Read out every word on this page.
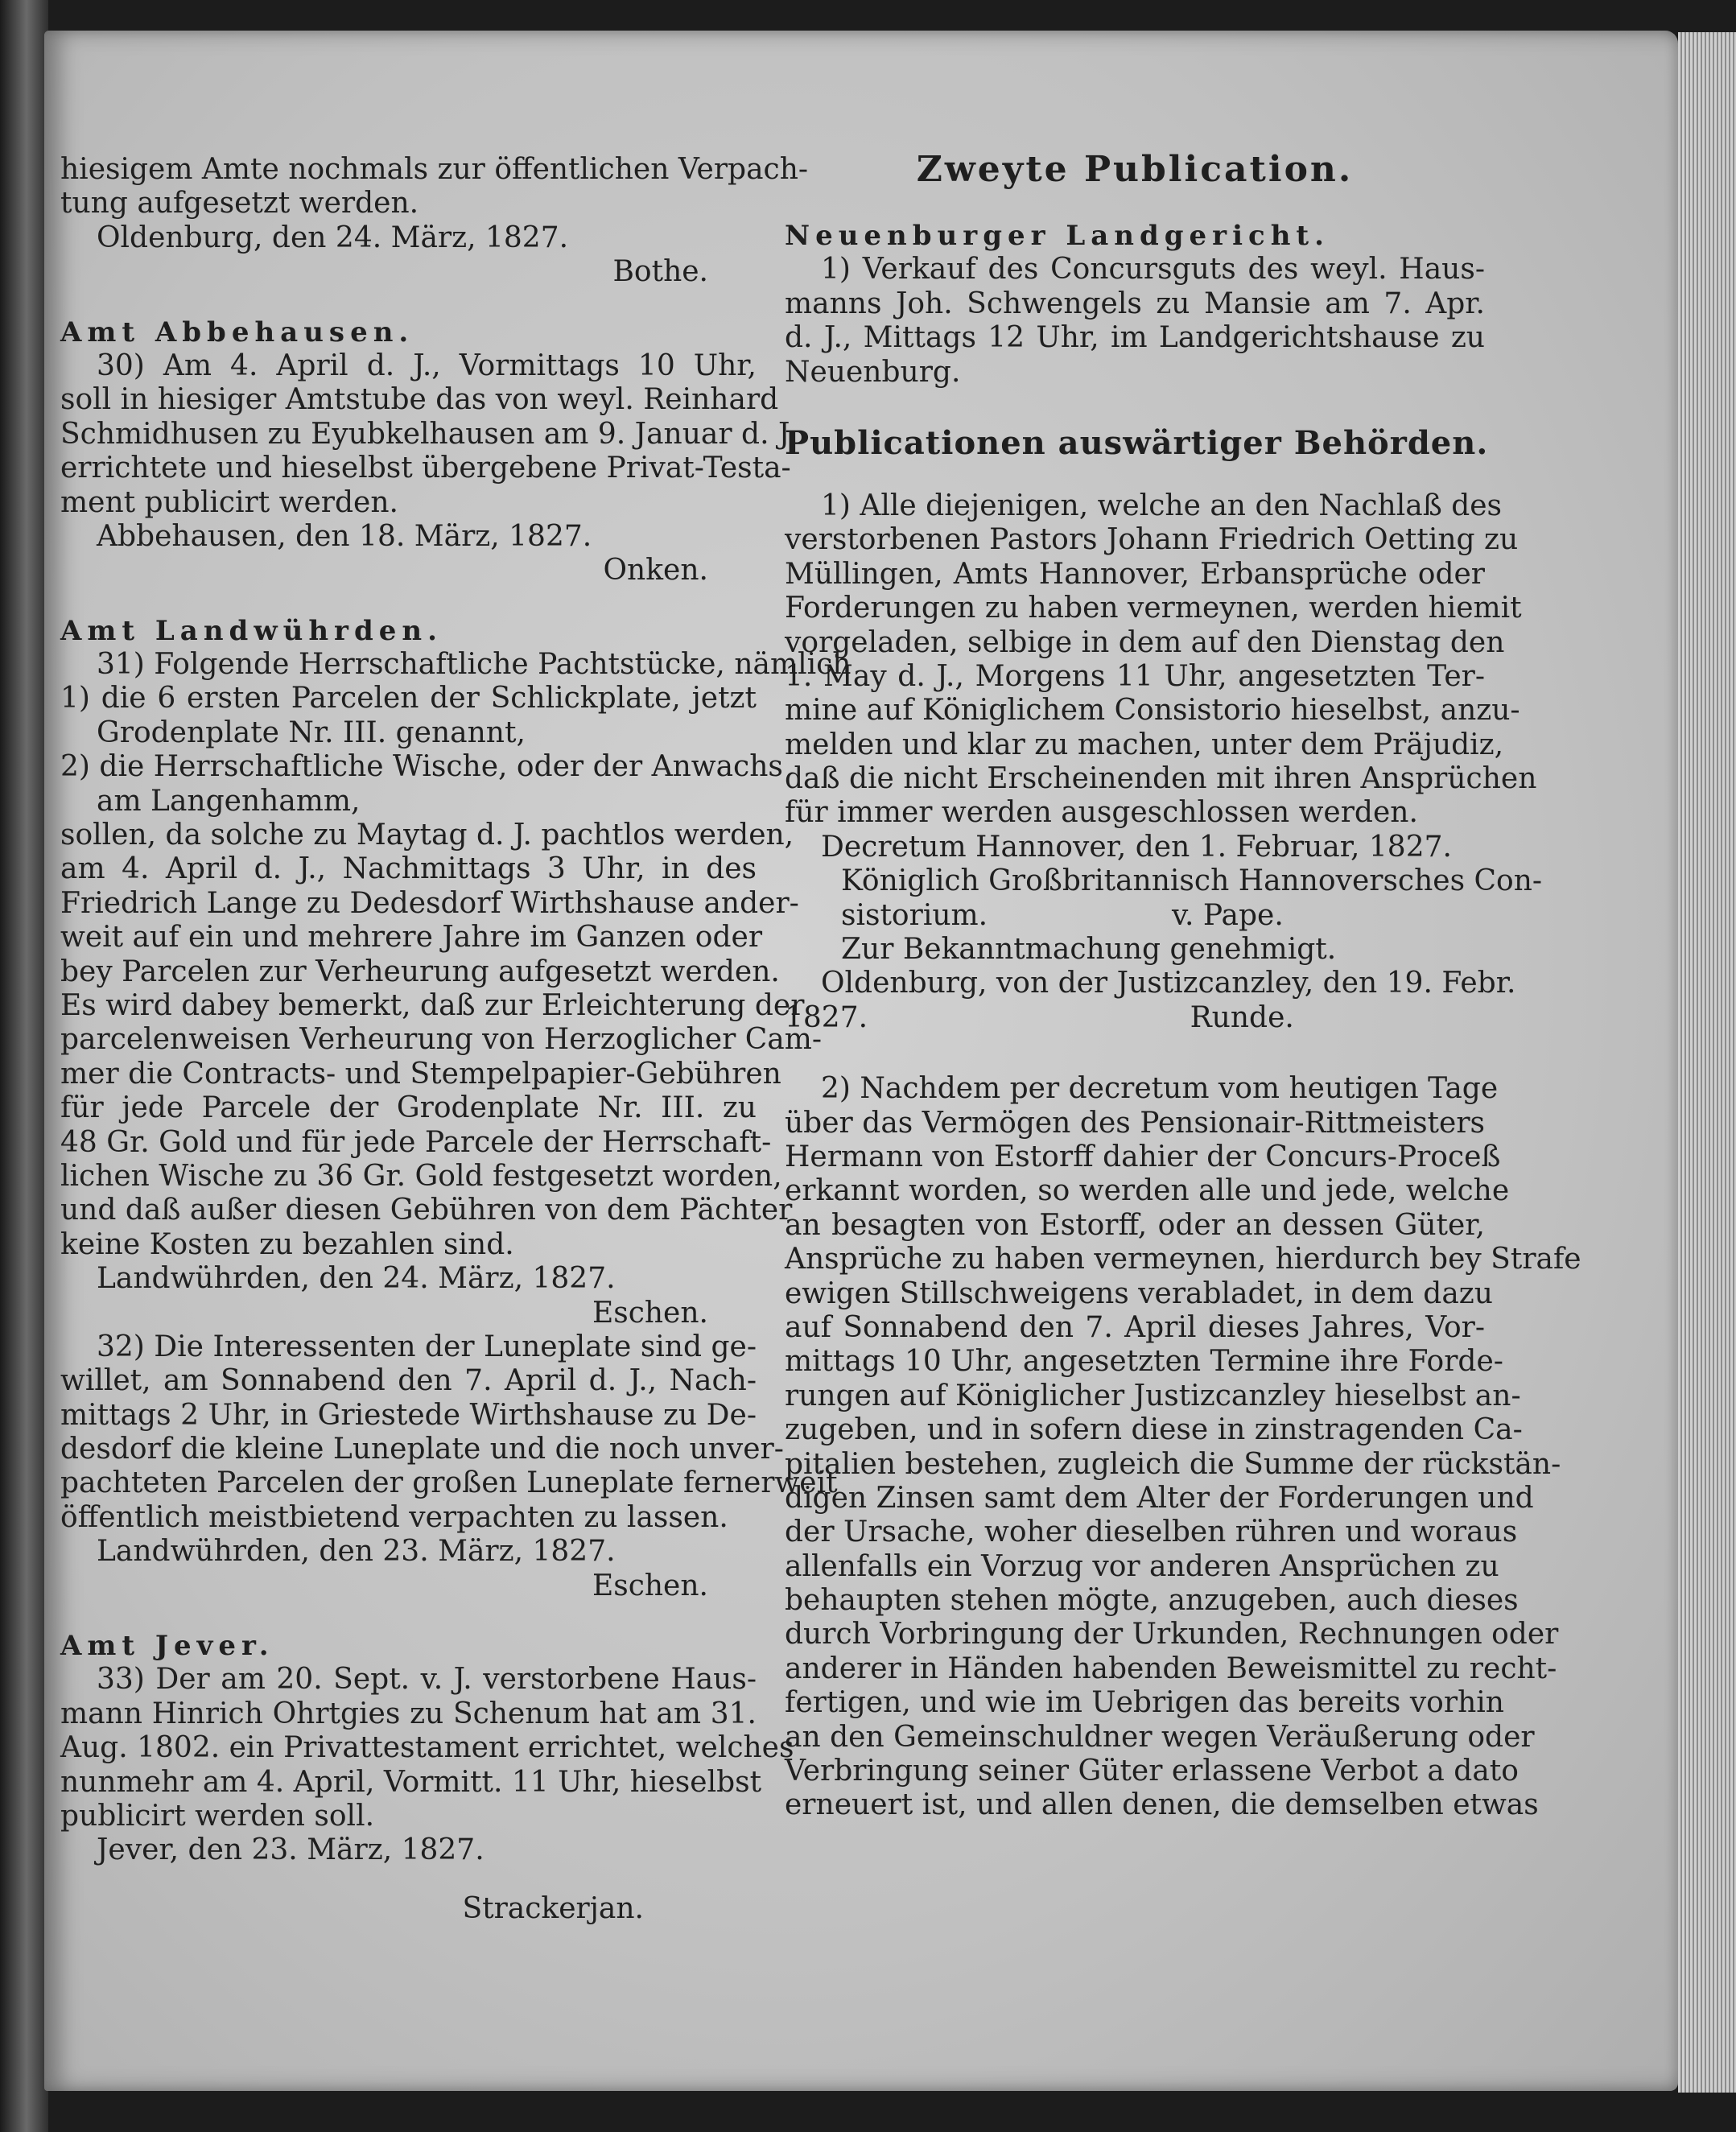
hiesigem Amte nochmals zur öffentlichen Verpach-
tung aufgesetzt werden.
Oldenburg, den 24. März, 1827.
Bothe.
Amt Abbehausen.
30) Am 4. April d. J., Vormittags 10 Uhr,
soll in hiesiger Amtstube das von weyl. Reinhard
Schmidhusen zu Eyubkelhausen am 9. Januar d. J.
errichtete und hieselbst übergebene Privat-Testa-
ment publicirt werden.
Abbehausen, den 18. März, 1827.
Onken.
Amt Landwührden.
31) Folgende Herrschaftliche Pachtstücke, nämlich
1) die 6 ersten Parcelen der Schlickplate, jetzt
Grodenplate Nr. III. genannt,
2) die Herrschaftliche Wische, oder der Anwachs
am Langenhamm,
sollen, da solche zu Maytag d. J. pachtlos werden,
am 4. April d. J., Nachmittags 3 Uhr, in des
Friedrich Lange zu Dedesdorf Wirthshause ander-
weit auf ein und mehrere Jahre im Ganzen oder
bey Parcelen zur Verheurung aufgesetzt werden.
Es wird dabey bemerkt, daß zur Erleichterung der
parcelenweisen Verheurung von Herzoglicher Cam-
mer die Contracts- und Stempelpapier-Gebühren
für jede Parcele der Grodenplate Nr. III. zu
48 Gr. Gold und für jede Parcele der Herrschaft-
lichen Wische zu 36 Gr. Gold festgesetzt worden,
und daß außer diesen Gebühren von dem Pächter
keine Kosten zu bezahlen sind.
Landwührden, den 24. März, 1827.
Eschen.
32) Die Interessenten der Luneplate sind ge-
willet, am Sonnabend den 7. April d. J., Nach-
mittags 2 Uhr, in Griestede Wirthshause zu De-
desdorf die kleine Luneplate und die noch unver-
pachteten Parcelen der großen Luneplate fernerweit
öffentlich meistbietend verpachten zu lassen.
Landwührden, den 23. März, 1827.
Eschen.
Amt Jever.
33) Der am 20. Sept. v. J. verstorbene Haus-
mann Hinrich Ohrtgies zu Schenum hat am 31.
Aug. 1802. ein Privattestament errichtet, welches
nunmehr am 4. April, Vormitt. 11 Uhr, hieselbst
publicirt werden soll.
Jever, den 23. März, 1827.
Strackerjan.
Zweyte Publication.
Neuenburger Landgericht.
1) Verkauf des Concursguts des weyl. Haus-
manns Joh. Schwengels zu Mansie am 7. Apr.
d. J., Mittags 12 Uhr, im Landgerichtshause zu
Neuenburg.
Publicationen auswärtiger Behörden.
1) Alle diejenigen, welche an den Nachlaß des
verstorbenen Pastors Johann Friedrich Oetting zu
Müllingen, Amts Hannover, Erbansprüche oder
Forderungen zu haben vermeynen, werden hiemit
vorgeladen, selbige in dem auf den Dienstag den
1. May d. J., Morgens 11 Uhr, angesetzten Ter-
mine auf Königlichem Consistorio hieselbst, anzu-
melden und klar zu machen, unter dem Präjudiz,
daß die nicht Erscheinenden mit ihren Ansprüchen
für immer werden ausgeschlossen werden.
Decretum Hannover, den 1. Februar, 1827.
Königlich Großbritannisch Hannoversches Con-
sistorium.                    v. Pape.
Zur Bekanntmachung genehmigt.
Oldenburg, von der Justizcanzley, den 19. Febr.
1827.                                   Runde.
2) Nachdem per decretum vom heutigen Tage
über das Vermögen des Pensionair-Rittmeisters
Hermann von Estorff dahier der Concurs-Proceß
erkannt worden, so werden alle und jede, welche
an besagten von Estorff, oder an dessen Güter,
Ansprüche zu haben vermeynen, hierdurch bey Strafe
ewigen Stillschweigens verabladet, in dem dazu
auf Sonnabend den 7. April dieses Jahres, Vor-
mittags 10 Uhr, angesetzten Termine ihre Forde-
rungen auf Königlicher Justizcanzley hieselbst an-
zugeben, und in sofern diese in zinstragenden Ca-
pitalien bestehen, zugleich die Summe der rückstän-
digen Zinsen samt dem Alter der Forderungen und
der Ursache, woher dieselben rühren und woraus
allenfalls ein Vorzug vor anderen Ansprüchen zu
behaupten stehen mögte, anzugeben, auch dieses
durch Vorbringung der Urkunden, Rechnungen oder
anderer in Händen habenden Beweismittel zu recht-
fertigen, und wie im Uebrigen das bereits vorhin
an den Gemeinschuldner wegen Veräußerung oder
Verbringung seiner Güter erlassene Verbot a dato
erneuert ist, und allen denen, die demselben etwas
